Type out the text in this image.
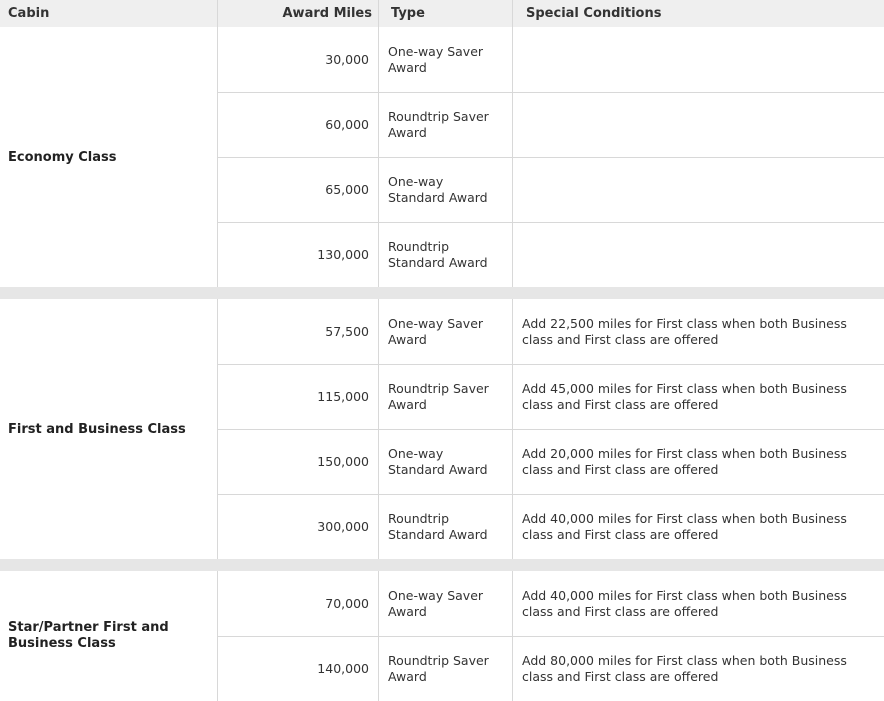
Cabin	Award Miles Type	Special Conditions
Economy Class
30,000
One-way Saver
Award
60,000
Roundtrip Saver
Award
65,000
One-way
Standard Award
130,000
Roundtrip
Standard Award
First and Business Class
57,500
One-way Saver
Award
Add 22,500 miles for First class when both Business
class and First class are offered
115,000
Roundtrip Saver
Award
Add 45,000 miles for First class when both Business
class and First class are offered
150,000
One-way
Standard Award
Add 20,000 miles for First class when both Business
class and First class are offered
300,000
Roundtrip
Standard Award
Add 40,000 miles for First class when both Business
class and First class are offered
Star/Partner First and
Business Class
70,000
One-way Saver
Award
Add 40,000 miles for First class when both Business
class and First class are offered
140,000
Roundtrip Saver
Award
Add 80,000 miles for First class when both Business
class and First class are offered
